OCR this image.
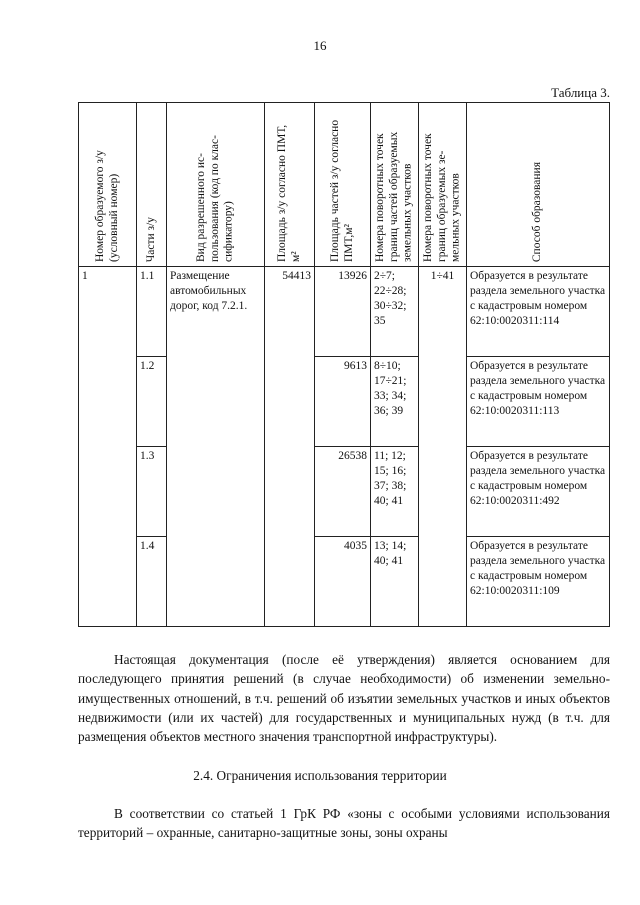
16
Таблица 3.
Номер образуемого з/у (условный номер)	Части з/у	Вид разрешенного ис-пользования (код по клас-сификатору)	Площадь з/у согласно ПМТ, м²	Площадь частей з/у согласно ПМТ,м²	Номера поворотных точек границ частей образуемых земельных участков	Номера поворотных точек границ образуемых зе-мельных участков	Способ образования

1	1.1	Размещение автомобильных дорог, код 7.2.1.	54413	13926	2÷7; 22÷28; 30÷32; 35	1÷41	Образуется в результате раздела земельного участка с кадастровым номером 62:10:0020311:114
	1.2			9613	8÷10; 17÷21; 33; 34; 36; 39		Образуется в результате раздела земельного участка с кадастровым номером 62:10:0020311:113
	1.3			26538	11; 12; 15; 16; 37; 38; 40; 41		Образуется в результате раздела земельного участка с кадастровым номером 62:10:0020311:492
	1.4			4035	13; 14; 40; 41		Образуется в результате раздела земельного участка с кадастровым номером 62:10:0020311:109
Настоящая документация (после её утверждения) является основанием для последующего принятия решений (в случае необходимости) об изменении земельно-имущественных отношений, в т.ч. решений об изъятии земельных участков и иных объектов недвижимости (или их частей) для государственных и муниципальных нужд (в т.ч. для размещения объектов местного значения транспортной инфраструктуры).
2.4. Ограничения использования территории
В соответствии со статьей 1 ГрК РФ «зоны с особыми условиями использования территорий – охранные, санитарно-защитные зоны, зоны охраны
